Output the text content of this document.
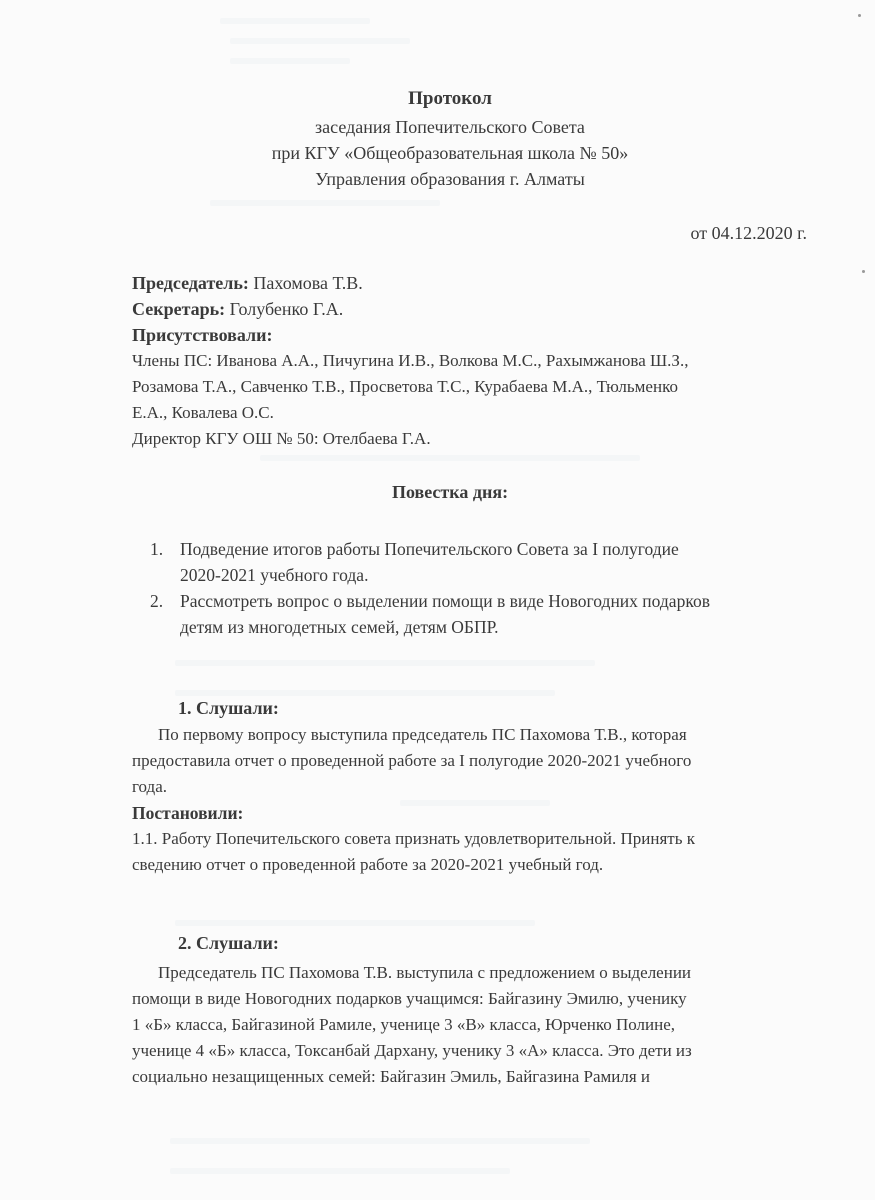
Протокол
заседания Попечительского Совета
при КГУ «Общеобразовательная школа № 50»
Управления образования г. Алматы
от 04.12.2020 г.
Председатель: Пахомова Т.В.
Секретарь: Голубенко Г.А.
Присутствовали:
Члены ПС: Иванова А.А., Пичугина И.В., Волкова М.С., Рахымжанова Ш.З.,
Розамова Т.А., Савченко Т.В., Просветова Т.С., Курабаева М.А., Тюльменко
Е.А., Ковалева О.С.
Директор КГУ ОШ № 50: Отелбаева Г.А.
Повестка дня:
1. Подведение итогов работы Попечительского Совета за I полугодие
2020-2021 учебного года.
2. Рассмотреть вопрос о выделении помощи в виде Новогодних подарков
детям из многодетных семей, детям ОБПР.
1. Слушали:
По первому вопросу выступила председатель ПС Пахомова Т.В., которая
предоставила отчет о проведенной работе за I полугодие 2020-2021 учебного
года.
Постановили:
1.1. Работу Попечительского совета признать удовлетворительной. Принять к
сведению отчет о проведенной работе за 2020-2021 учебный год.
2. Слушали:
Председатель ПС Пахомова Т.В. выступила с предложением о выделении
помощи в виде Новогодних подарков учащимся: Байгазину Эмилю, ученику
1 «Б» класса, Байгазиной Рамиле, ученице 3 «В» класса, Юрченко Полине,
ученице 4 «Б» класса, Токсанбай Дархану, ученику 3 «А» класса. Это дети из
социально незащищенных семей: Байгазин Эмиль, Байгазина Рамиля и
